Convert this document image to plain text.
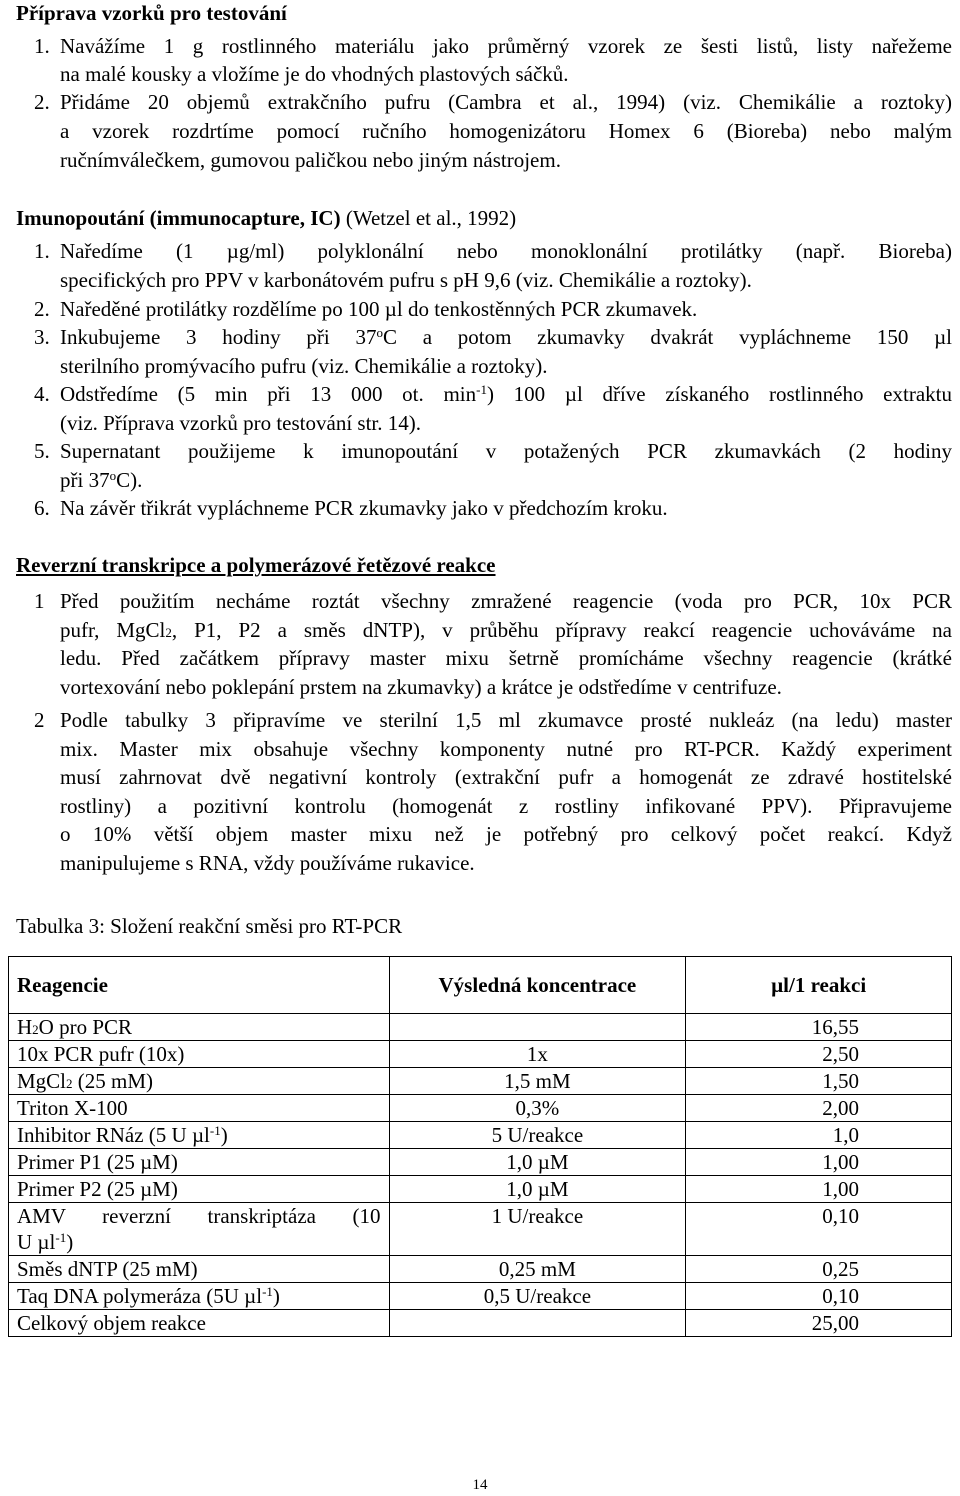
Příprava vzorků pro testování
1. Navážíme 1 g rostlinného materiálu jako průměrný vzorek ze šesti listů, listy nařežeme
na malé kousky a vložíme je do vhodných plastových sáčků.
2. Přidáme 20 objemů extrakčního pufru (Cambra et al., 1994) (viz. Chemikálie a roztoky)
a vzorek rozdrtíme pomocí ručního homogenizátoru Homex 6 (Bioreba) nebo malým
ručnímválečkem, gumovou paličkou nebo jiným nástrojem.
Imunopoutání (immunocapture, IC) (Wetzel et al., 1992)
1. Naředíme (1 µg/ml) polyklonální nebo monoklonální protilátky (např. Bioreba)
specifických pro PPV v karbonátovém pufru s pH 9,6 (viz. Chemikálie a roztoky).
2. Naředěné protilátky rozdělíme po 100 µl do tenkostěnných PCR zkumavek.
3. Inkubujeme 3 hodiny při 37$^o$C a potom zkumavky dvakrát vypláchneme 150 µl
sterilního promývacího pufru (viz. Chemikálie a roztoky).
4. Odstředíme (5 min při 13 000 ot. $\min^{-1}$) 100 µl dříve získaného rostlinného extraktu
(viz. Příprava vzorků pro testování str. 14).
5. Supernatant použijeme k imunopoutání v potažených PCR zkumavkách (2 hodiny
při 37$^o$C).
6. Na závěr třikrát vypláchneme PCR zkumavky jako v předchozím kroku.
Reverzní transkripce a polymerázové řetězové reakce
1 Před použitím necháme roztát všechny zmražené reagencie (voda pro PCR, 10x PCR
pufr, MgCl$_2$, P1, P2 a směs dNTP), v průběhu přípravy reakcí reagencie uchováváme na
ledu. Před začátkem přípravy master mixu šetrně promícháme všechny reagencie (krátké
vortexování nebo poklepání prstem na zkumavky) a krátce je odstředíme v centrifuze.
2 Podle tabulky 3 připravíme ve sterilní 1,5 ml zkumavce prosté nukleáz (na ledu) master
mix. Master mix obsahuje všechny komponenty nutné pro RT-PCR. Každý experiment
musí zahrnovat dvě negativní kontroly (extrakční pufr a homogenát ze zdravé hostitelské
rostliny) a pozitivní kontrolu (homogenát z rostliny infikované PPV). Připravujeme
o 10% větší objem master mixu než je potřebný pro celkový počet reakcí. Když
manipulujeme s RNA, vždy používáme rukavice.
Tabulka 3: Složení reakční směsi pro RT-PCR
Reagencie	Výsledná koncentrace	µl/1 reakci
$H_2O$ pro PCR		16,55
10x PCR pufr (10x)	1x	2,50
MgCl$_2$ (25 mM)	1,5 mM	1,50
Triton X-100	0,3%	2,00
Inhibitor RNáz (5 U µl$^{-1}$)	5 U/reakce	1,0
Primer P1 (25 µM)	1,0 µM	1,00
Primer P2 (25 µM)	1,0 µM	1,00

AMV reverzní transkriptáza (10
U µl$^{-1}$)	1 U/reakce	0,10
Směs dNTP (25 mM)	0,25 mM	0,25
Taq DNA polymeráza (5U µl$^{-1}$)	0,5 U/reakce	0,10
Celkový objem reakce		25,00
14
